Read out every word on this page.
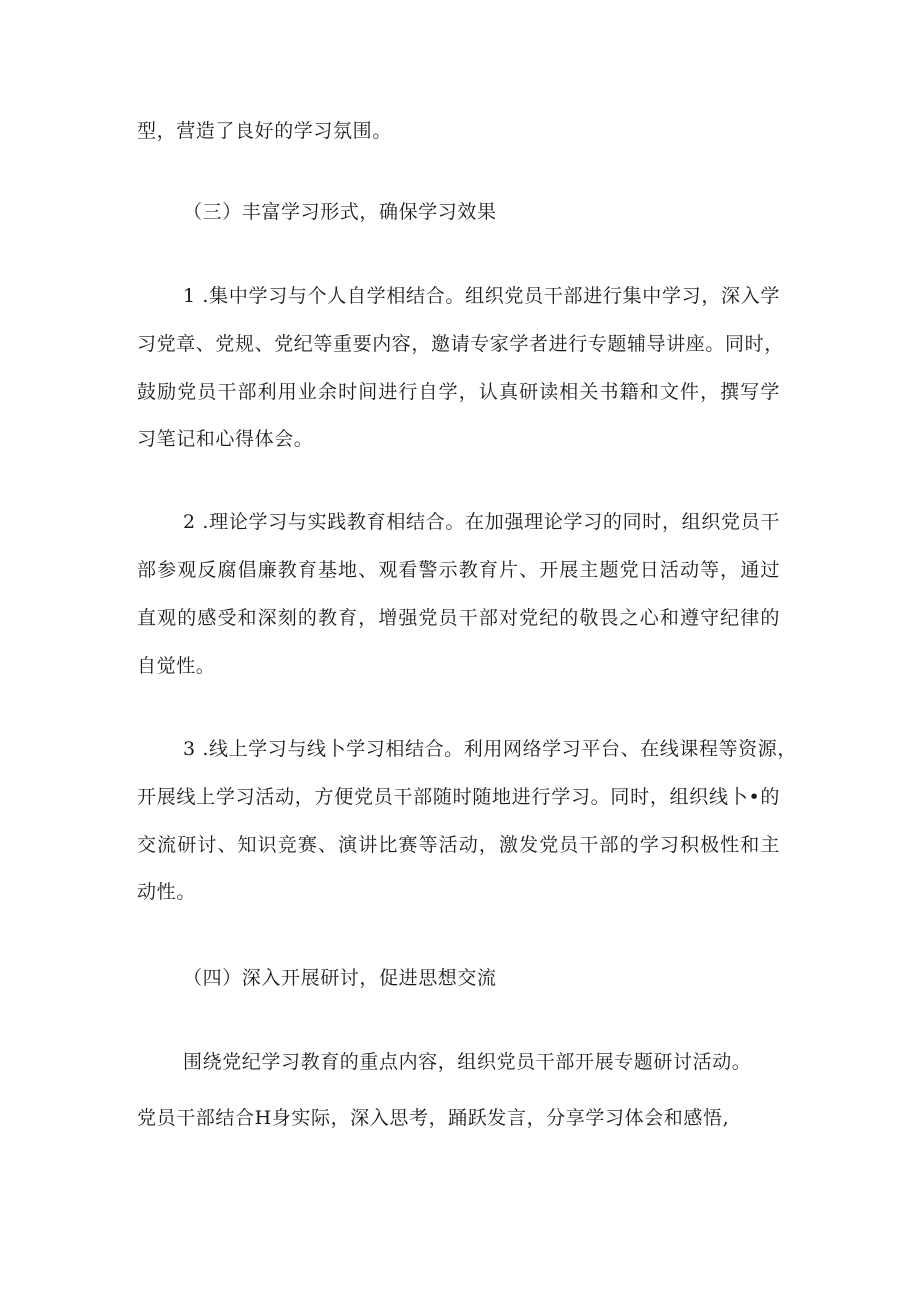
型，营造了良好的学习氛围。
（三）丰富学习形式，确保学习效果
1 .集中学习与个人自学相结合。组织党员干部进行集中学习，深入学
习党章、党规、党纪等重要内容，邀请专家学者进行专题辅导讲座。同时，
鼓励党员干部利用业余时间进行自学，认真研读相关书籍和文件，撰写学
习笔记和心得体会。
2 .理论学习与实践教育相结合。在加强理论学习的同时，组织党员干
部参观反腐倡廉教育基地、观看警示教育片、开展主题党日活动等，通过
直观的感受和深刻的教育，增强党员干部对党纪的敬畏之心和遵守纪律的
自觉性。
3 .线上学习与线卜学习相结合。利用网络学习平台、在线课程等资源，
开展线上学习活动，方便党员干部随时随地进行学习。同时，组织线卜•的
交流研讨、知识竞赛、演讲比赛等活动，激发党员干部的学习积极性和主
动性。
（四）深入开展研讨，促进思想交流
围绕党纪学习教育的重点内容，组织党员干部开展专题研讨活动。
党员干部结合H身实际，深入思考，踊跃发言，分享学习体会和感悟,
